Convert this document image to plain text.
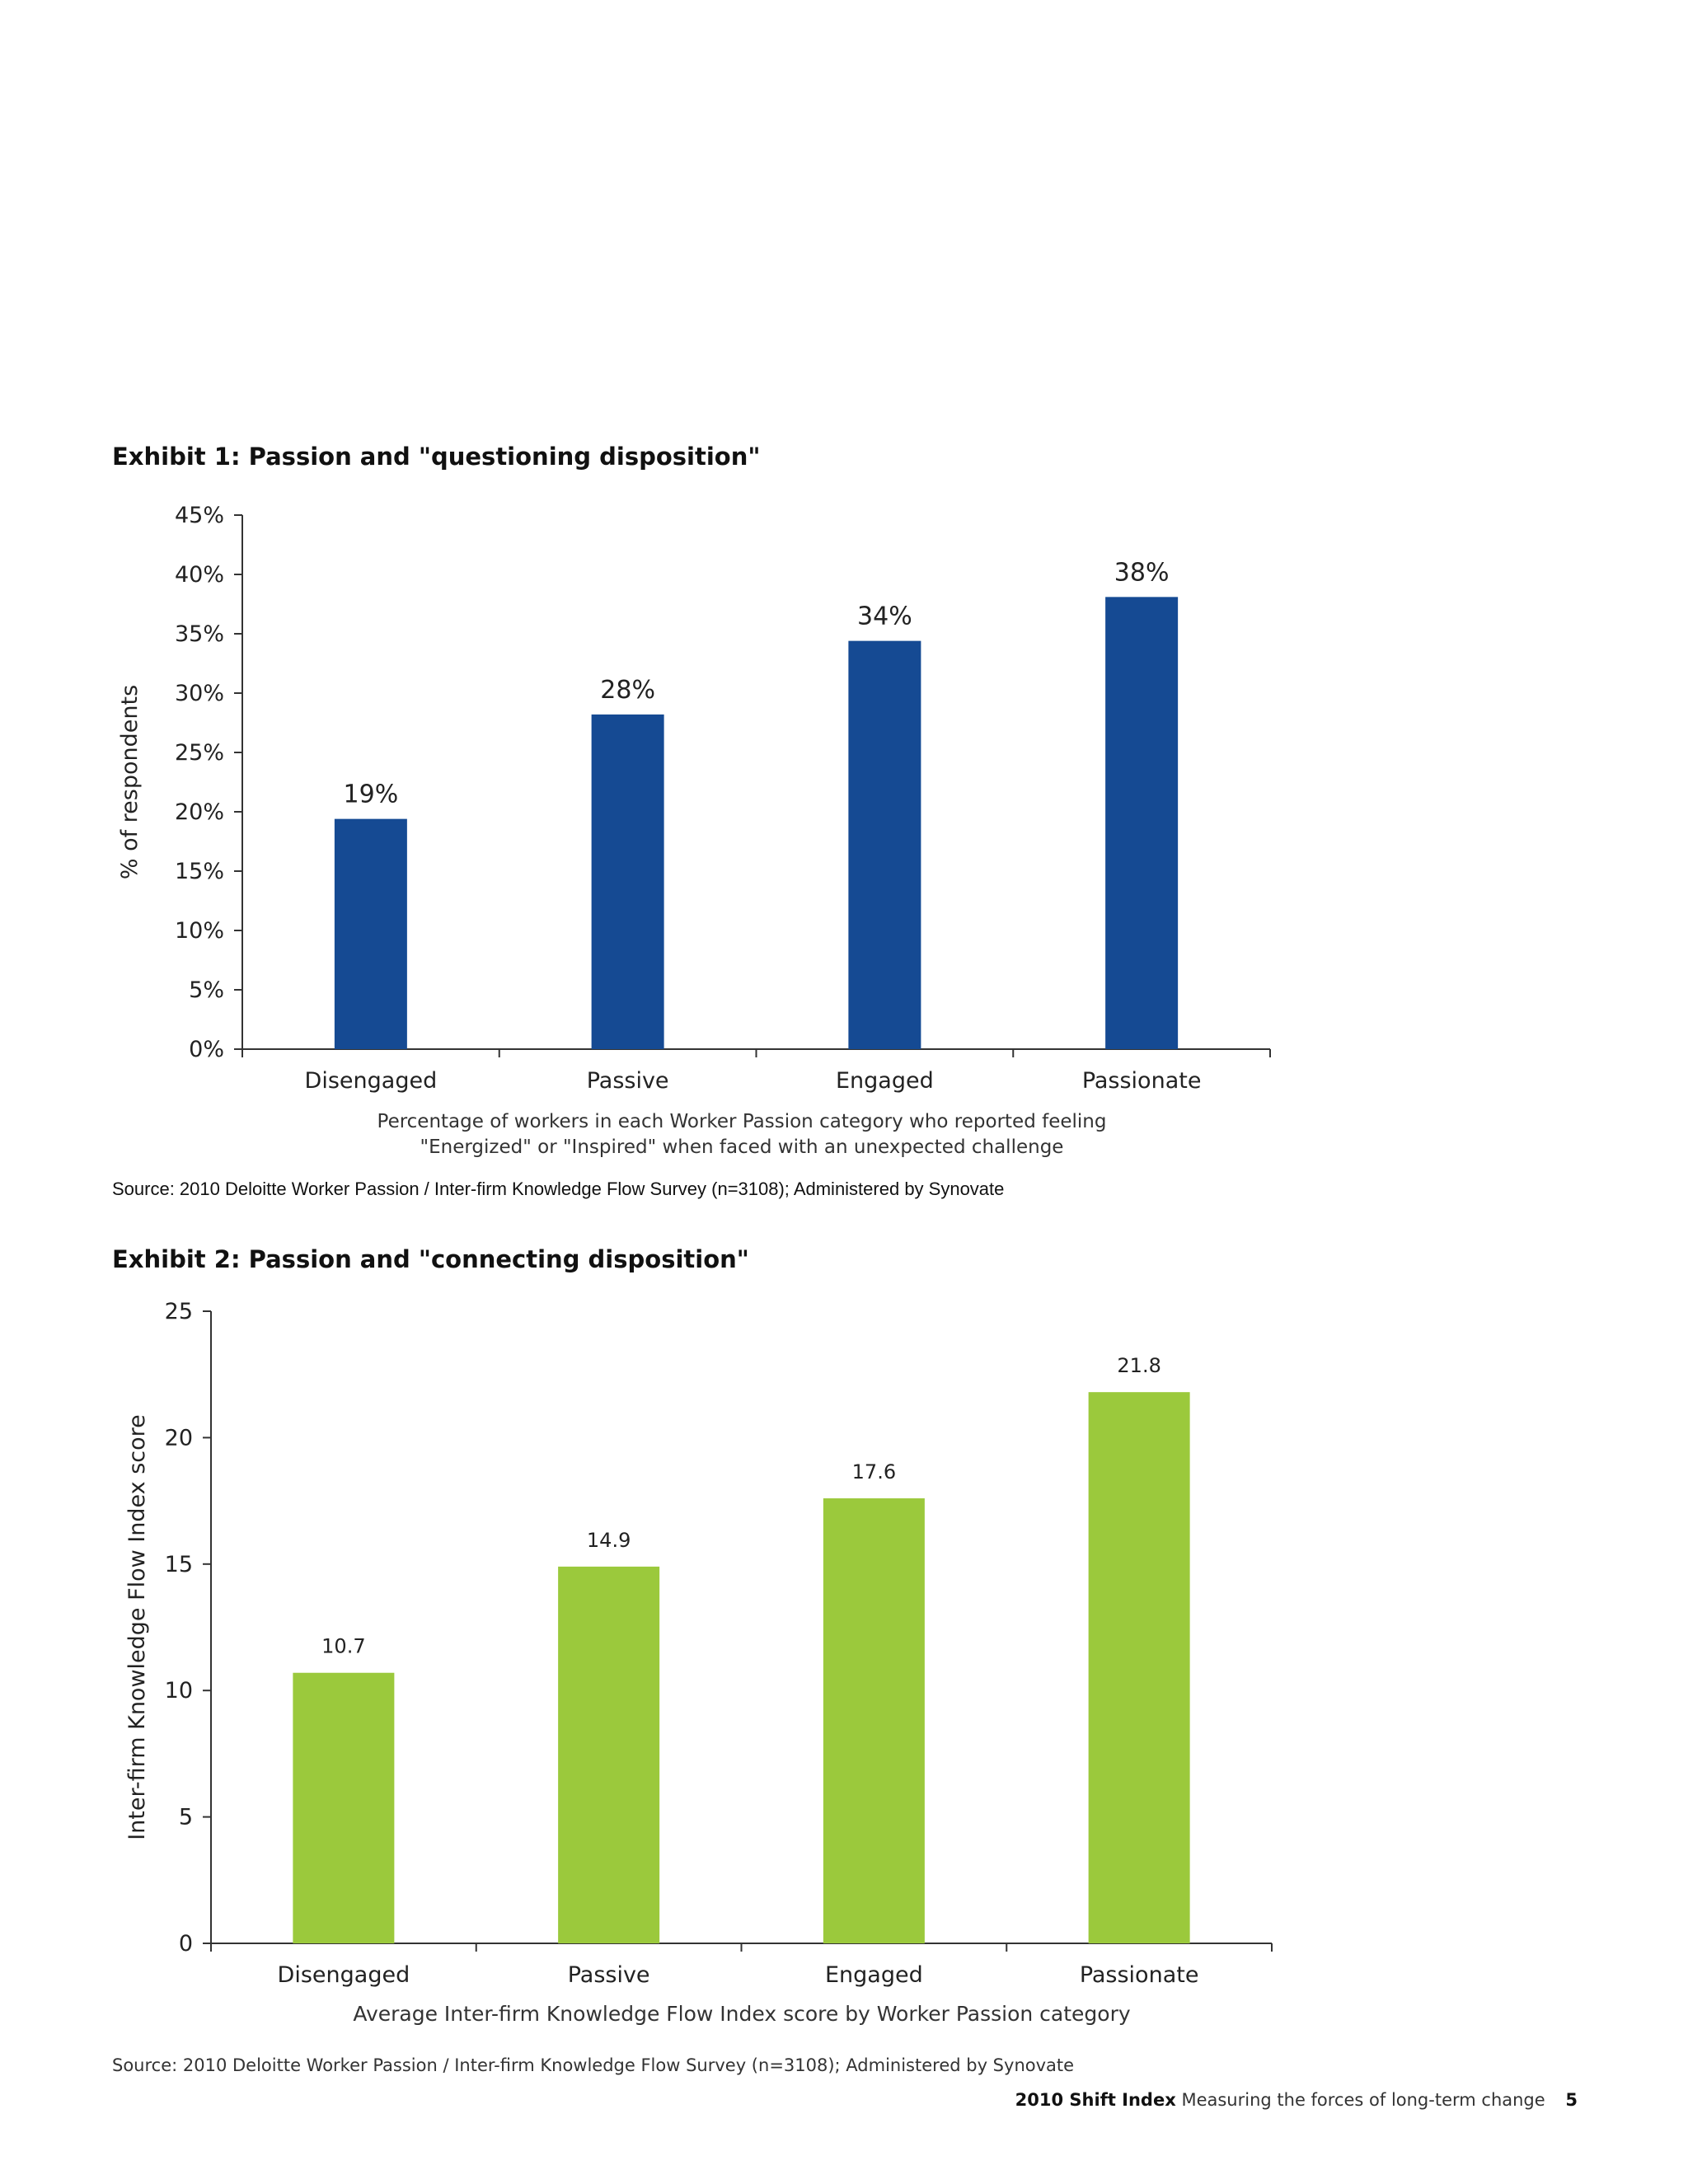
Exhibit 1: Passion and "questioning disposition"
0%
5%
10%
15%
20%
25%
30%
35%
40%
45%
19%
Disengaged
28%
Passive
34%
Engaged
38%
Passionate
% of respondents
Percentage of workers in each Worker Passion category who reported feeling
"Energized" or "Inspired" when faced with an unexpected challenge
Source: 2010 Deloitte Worker Passion / Inter-firm Knowledge Flow Survey (n=3108); Administered by Synovate
Exhibit 2: Passion and "connecting disposition"
0
5
10
15
20
25
10.7
Disengaged
14.9
Passive
17.6
Engaged
21.8
Passionate
Inter-firm Knowledge Flow Index score
Average Inter-firm Knowledge Flow Index score by Worker Passion category
Source: 2010 Deloitte Worker Passion / Inter-firm Knowledge Flow Survey (n=3108); Administered by Synovate
2010 Shift Index Measuring the forces of long-term change 5
